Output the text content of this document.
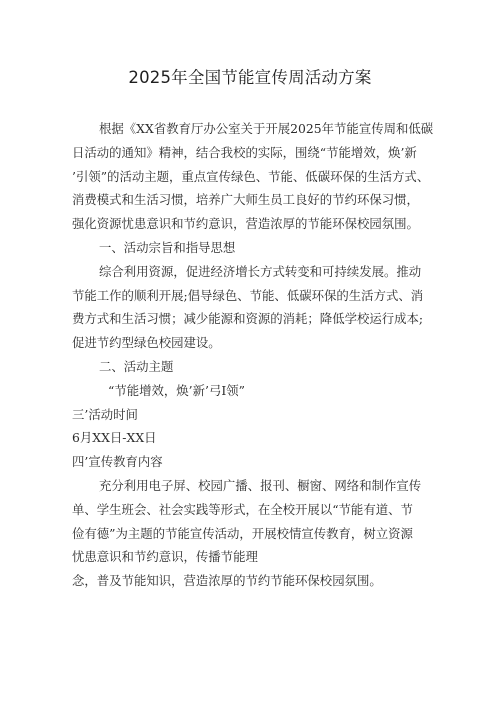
2025年全国节能宣传周活动方案
根据《XX省教育厅办公室关于开展2025年节能宣传周和低碳
日活动的通知》精神，结合我校的实际，围绕“节能增效，焕’新
’引领”的活动主题，重点宣传绿色、节能、低碳环保的生活方式、
消费模式和生活习惯，培养广大师生员工良好的节约环保习惯，
强化资源忧患意识和节约意识，营造浓厚的节能环保校园氛围。
一、活动宗旨和指导思想
综合利用资源，促进经济增长方式转变和可持续发展。推动
节能工作的顺利开展;倡导绿色、节能、低碳环保的生活方式、消
费方式和生活习惯；减少能源和资源的消耗；降低学校运行成本;
促进节约型绿色校园建设。
二、活动主题
“节能增效，焕’新’弓I领”
三’活动时间
6月XX日-XX日
四’宣传教育内容
充分利用电子屏、校园广播、报刊、橱窗、网络和制作宣传
单、学生班会、社会实践等形式，在全校开展以“节能有道、节
俭有德”为主题的节能宣传活动，开展校情宣传教育，树立资源
忧患意识和节约意识，传播节能理
念，普及节能知识，营造浓厚的节约节能环保校园氛围。
